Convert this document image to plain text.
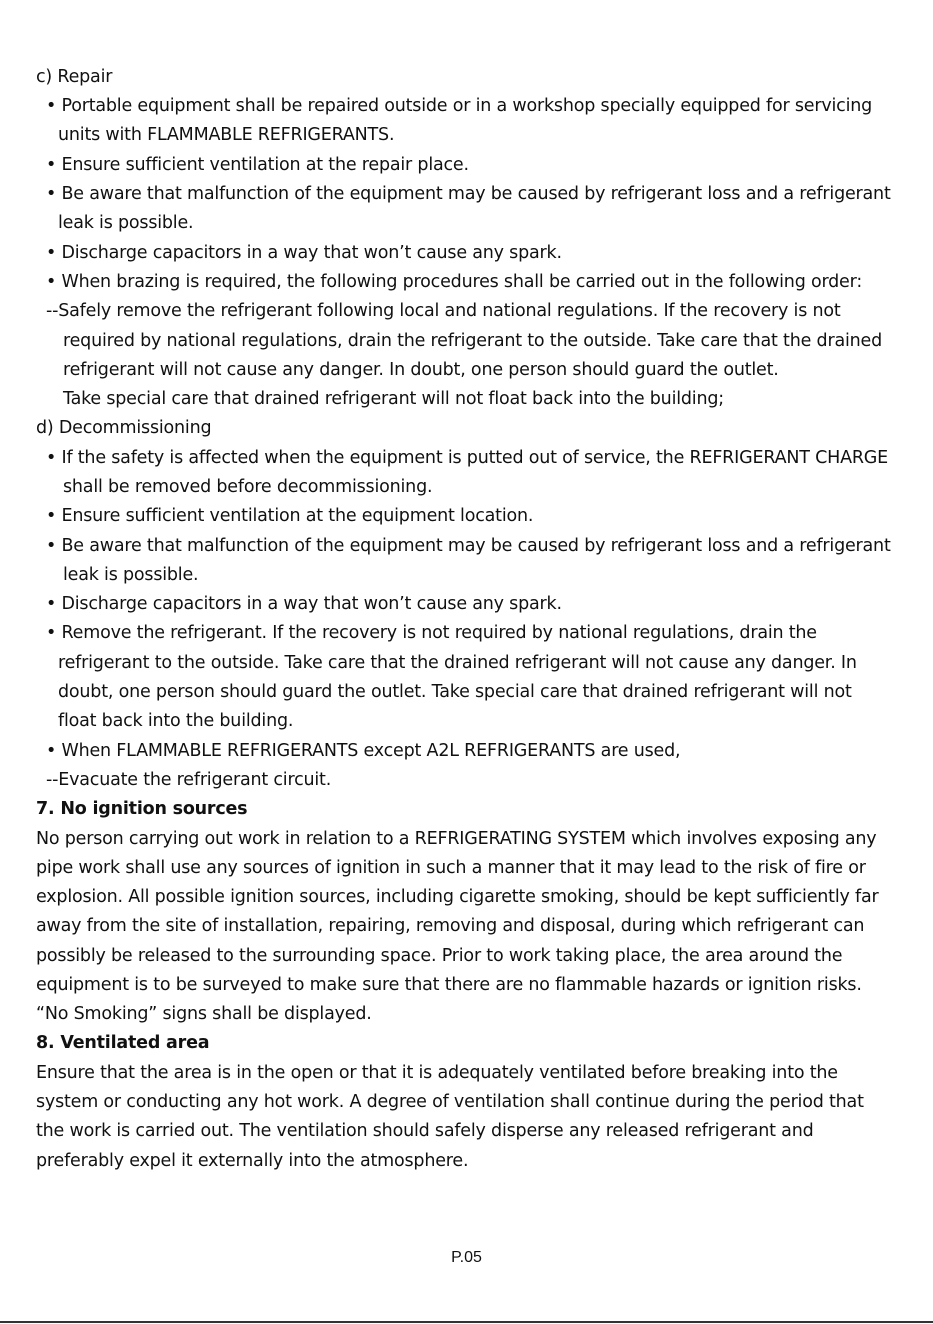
c) Repair
• Portable equipment shall be repaired outside or in a workshop specially equipped for servicing
units with FLAMMABLE REFRIGERANTS.
• Ensure sufficient ventilation at the repair place.
• Be aware that malfunction of the equipment may be caused by refrigerant loss and a refrigerant
leak is possible.
• Discharge capacitors in a way that won’t cause any spark.
• When brazing is required, the following procedures shall be carried out in the following order:
--Safely remove the refrigerant following local and national regulations. If the recovery is not
required by national regulations, drain the refrigerant to the outside. Take care that the drained
refrigerant will not cause any danger. In doubt, one person should guard the outlet.
Take special care that drained refrigerant will not float back into the building;
d) Decommissioning
• If the safety is affected when the equipment is putted out of service, the REFRIGERANT CHARGE
shall be removed before decommissioning.
• Ensure sufficient ventilation at the equipment location.
• Be aware that malfunction of the equipment may be caused by refrigerant loss and a refrigerant
leak is possible.
• Discharge capacitors in a way that won’t cause any spark.
• Remove the refrigerant. If the recovery is not required by national regulations, drain the
refrigerant to the outside. Take care that the drained refrigerant will not cause any danger. In
doubt, one person should guard the outlet. Take special care that drained refrigerant will not
float back into the building.
• When FLAMMABLE REFRIGERANTS except A2L REFRIGERANTS are used,
--Evacuate the refrigerant circuit.
7. No ignition sources
No person carrying out work in relation to a REFRIGERATING SYSTEM which involves exposing any
pipe work shall use any sources of ignition in such a manner that it may lead to the risk of fire or
explosion. All possible ignition sources, including cigarette smoking, should be kept sufficiently far
away from the site of installation, repairing, removing and disposal, during which refrigerant can
possibly be released to the surrounding space. Prior to work taking place, the area around the
equipment is to be surveyed to make sure that there are no flammable hazards or ignition risks.
“No Smoking” signs shall be displayed.
8. Ventilated area
Ensure that the area is in the open or that it is adequately ventilated before breaking into the
system or conducting any hot work. A degree of ventilation shall continue during the period that
the work is carried out. The ventilation should safely disperse any released refrigerant and
preferably expel it externally into the atmosphere.
P.05
